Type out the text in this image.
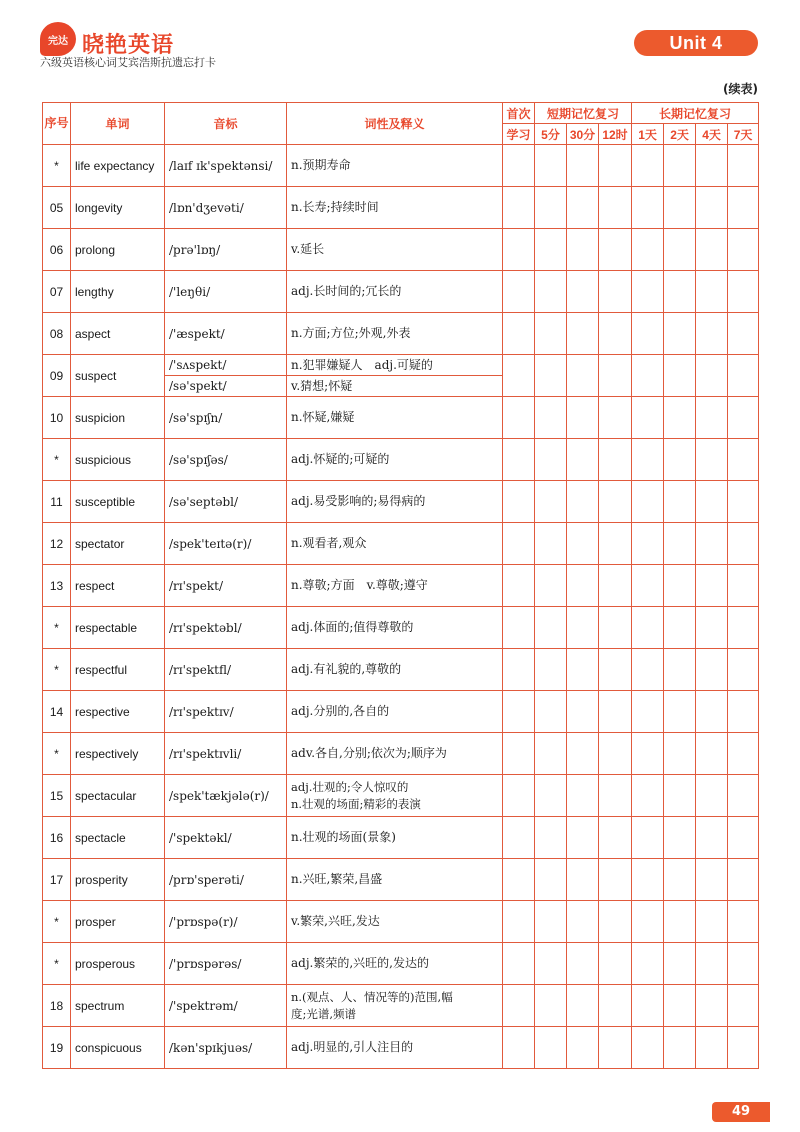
完达 晓艳英语
六级英语核心词艾宾浩斯抗遗忘打卡
Unit 4
(续表)
序号	单词	音标	词性及释义	首次	短期记忆复习			长期记忆复习			
				学习	5分	30分	12时	1天	2天	4天	7天
*	life expectancy	/laɪf ɪk'spektənsi/	n.预期寿命								
05	longevity	/lɒn'dʒevəti/	n.长寿;持续时间								
06	prolong	/prə'lɒŋ/	v.延长								
07	lengthy	/'leŋθi/	adj.长时间的;冗长的								
08	aspect	/'æspekt/	n.方面;方位;外观,外表								
09	suspect	/'sʌspekt/	n.犯罪嫌疑人　adj.可疑的								
		/sə'spekt/	v.猜想;怀疑								
10	suspicion	/sə'spɪʃn/	n.怀疑,嫌疑								
*	suspicious	/sə'spɪʃəs/	adj.怀疑的;可疑的								
11	susceptible	/sə'septəbl/	adj.易受影响的;易得病的								
12	spectator	/spek'teɪtə(r)/	n.观看者,观众								
13	respect	/rɪ'spekt/	n.尊敬;方面　v.尊敬;遵守								
*	respectable	/rɪ'spektəbl/	adj.体面的;值得尊敬的								
*	respectful	/rɪ'spektfl/	adj.有礼貌的,尊敬的								
14	respective	/rɪ'spektɪv/	adj.分别的,各自的								
*	respectively	/rɪ'spektɪvli/	adv.各自,分别;依次为;顺序为								
15	spectacular	/spek'tækjələ(r)/	adj.壮观的;令人惊叹的
n.壮观的场面;精彩的表演								

16	spectacle	/'spektəkl/	n.壮观的场面(景象)								
17	prosperity	/prɒ'sperəti/	n.兴旺,繁荣,昌盛								
*	prosper	/'prɒspə(r)/	v.繁荣,兴旺,发达								
*	prosperous	/'prɒspərəs/	adj.繁荣的,兴旺的,发达的								
18	spectrum	/'spektrəm/	n.(观点、人、情况等的)范围,幅
度;光谱,频谱								

19	conspicuous	/kən'spɪkjuəs/	adj.明显的,引人注目的								
49
